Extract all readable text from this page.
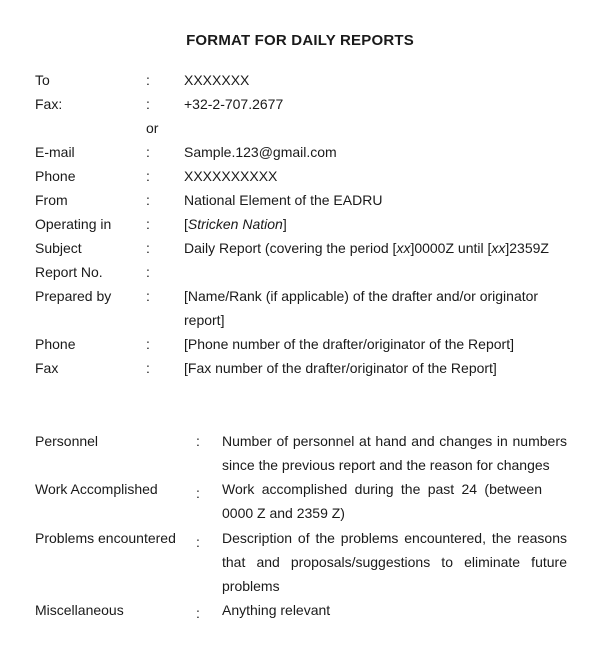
FORMAT FOR DAILY REPORTS
To	: XXXXXXX
Fax:	: +32-2-707.2677
or
E-mail	: Sample.123@gmail.com
Phone	: XXXXXXXXXX
From	: National Element of the EADRU
Operating in : [Stricken Nation]
Subject	: Daily Report (covering the period [xx]0000Z until [xx]2359Z
Report No.	:
Prepared by : [Name/Rank (if applicable) of the drafter and/or originator
report]
Phone	: [Phone number of the drafter/originator of the Report]
Fax	: [Fax number of the drafter/originator of the Report]
Personnel	: Number of personnel at hand and changes in numbers
since the previous report and the reason for changes
Work Accomplished	: Work accomplished during the past 24 (between
0000 Z and 2359 Z)
Problems encountered : Description of the problems encountered, the reasons
that and proposals/suggestions to eliminate future
problems
Miscellaneous	: Anything relevant
